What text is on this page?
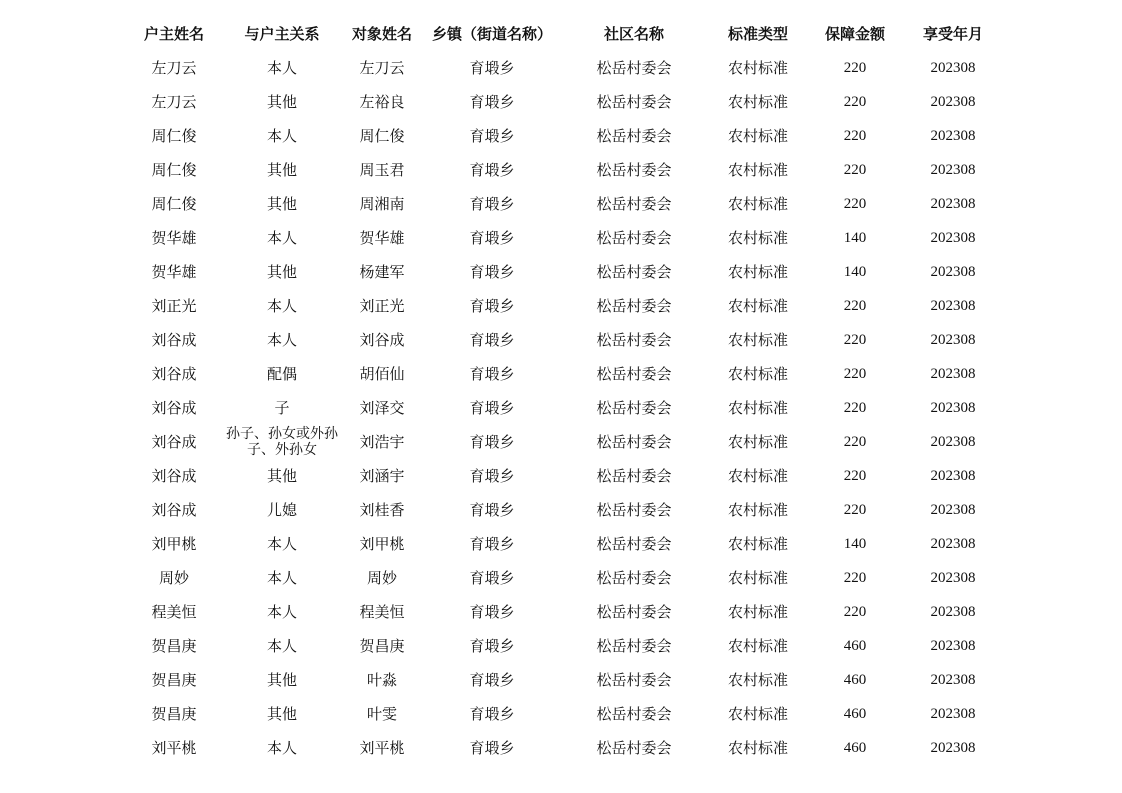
户主姓名	与户主关系	对象姓名	乡镇（街道名称）	社区名称	标准类型	保障金额	享受年月
左刀云	本人	左刀云	育塅乡	松岳村委会	农村标准	220	202308
左刀云	其他	左裕良	育塅乡	松岳村委会	农村标准	220	202308
周仁俊	本人	周仁俊	育塅乡	松岳村委会	农村标准	220	202308
周仁俊	其他	周玉君	育塅乡	松岳村委会	农村标准	220	202308
周仁俊	其他	周湘南	育塅乡	松岳村委会	农村标准	220	202308
贺华雄	本人	贺华雄	育塅乡	松岳村委会	农村标准	140	202308
贺华雄	其他	杨建军	育塅乡	松岳村委会	农村标准	140	202308
刘正光	本人	刘正光	育塅乡	松岳村委会	农村标准	220	202308
刘谷成	本人	刘谷成	育塅乡	松岳村委会	农村标准	220	202308
刘谷成	配偶	胡佰仙	育塅乡	松岳村委会	农村标准	220	202308
刘谷成	子	刘泽交	育塅乡	松岳村委会	农村标准	220	202308
刘谷成	孙子、孙女或外孙子、外孙女	刘浩宇	育塅乡	松岳村委会	农村标准	220	202308
刘谷成	其他	刘涵宇	育塅乡	松岳村委会	农村标准	220	202308
刘谷成	儿媳	刘桂香	育塅乡	松岳村委会	农村标准	220	202308
刘甲桃	本人	刘甲桃	育塅乡	松岳村委会	农村标准	140	202308
周妙	本人	周妙	育塅乡	松岳村委会	农村标准	220	202308
程美恒	本人	程美恒	育塅乡	松岳村委会	农村标准	220	202308
贺昌庚	本人	贺昌庚	育塅乡	松岳村委会	农村标准	460	202308
贺昌庚	其他	叶淼	育塅乡	松岳村委会	农村标准	460	202308
贺昌庚	其他	叶雯	育塅乡	松岳村委会	农村标准	460	202308
刘平桃	本人	刘平桃	育塅乡	松岳村委会	农村标准	460	202308
